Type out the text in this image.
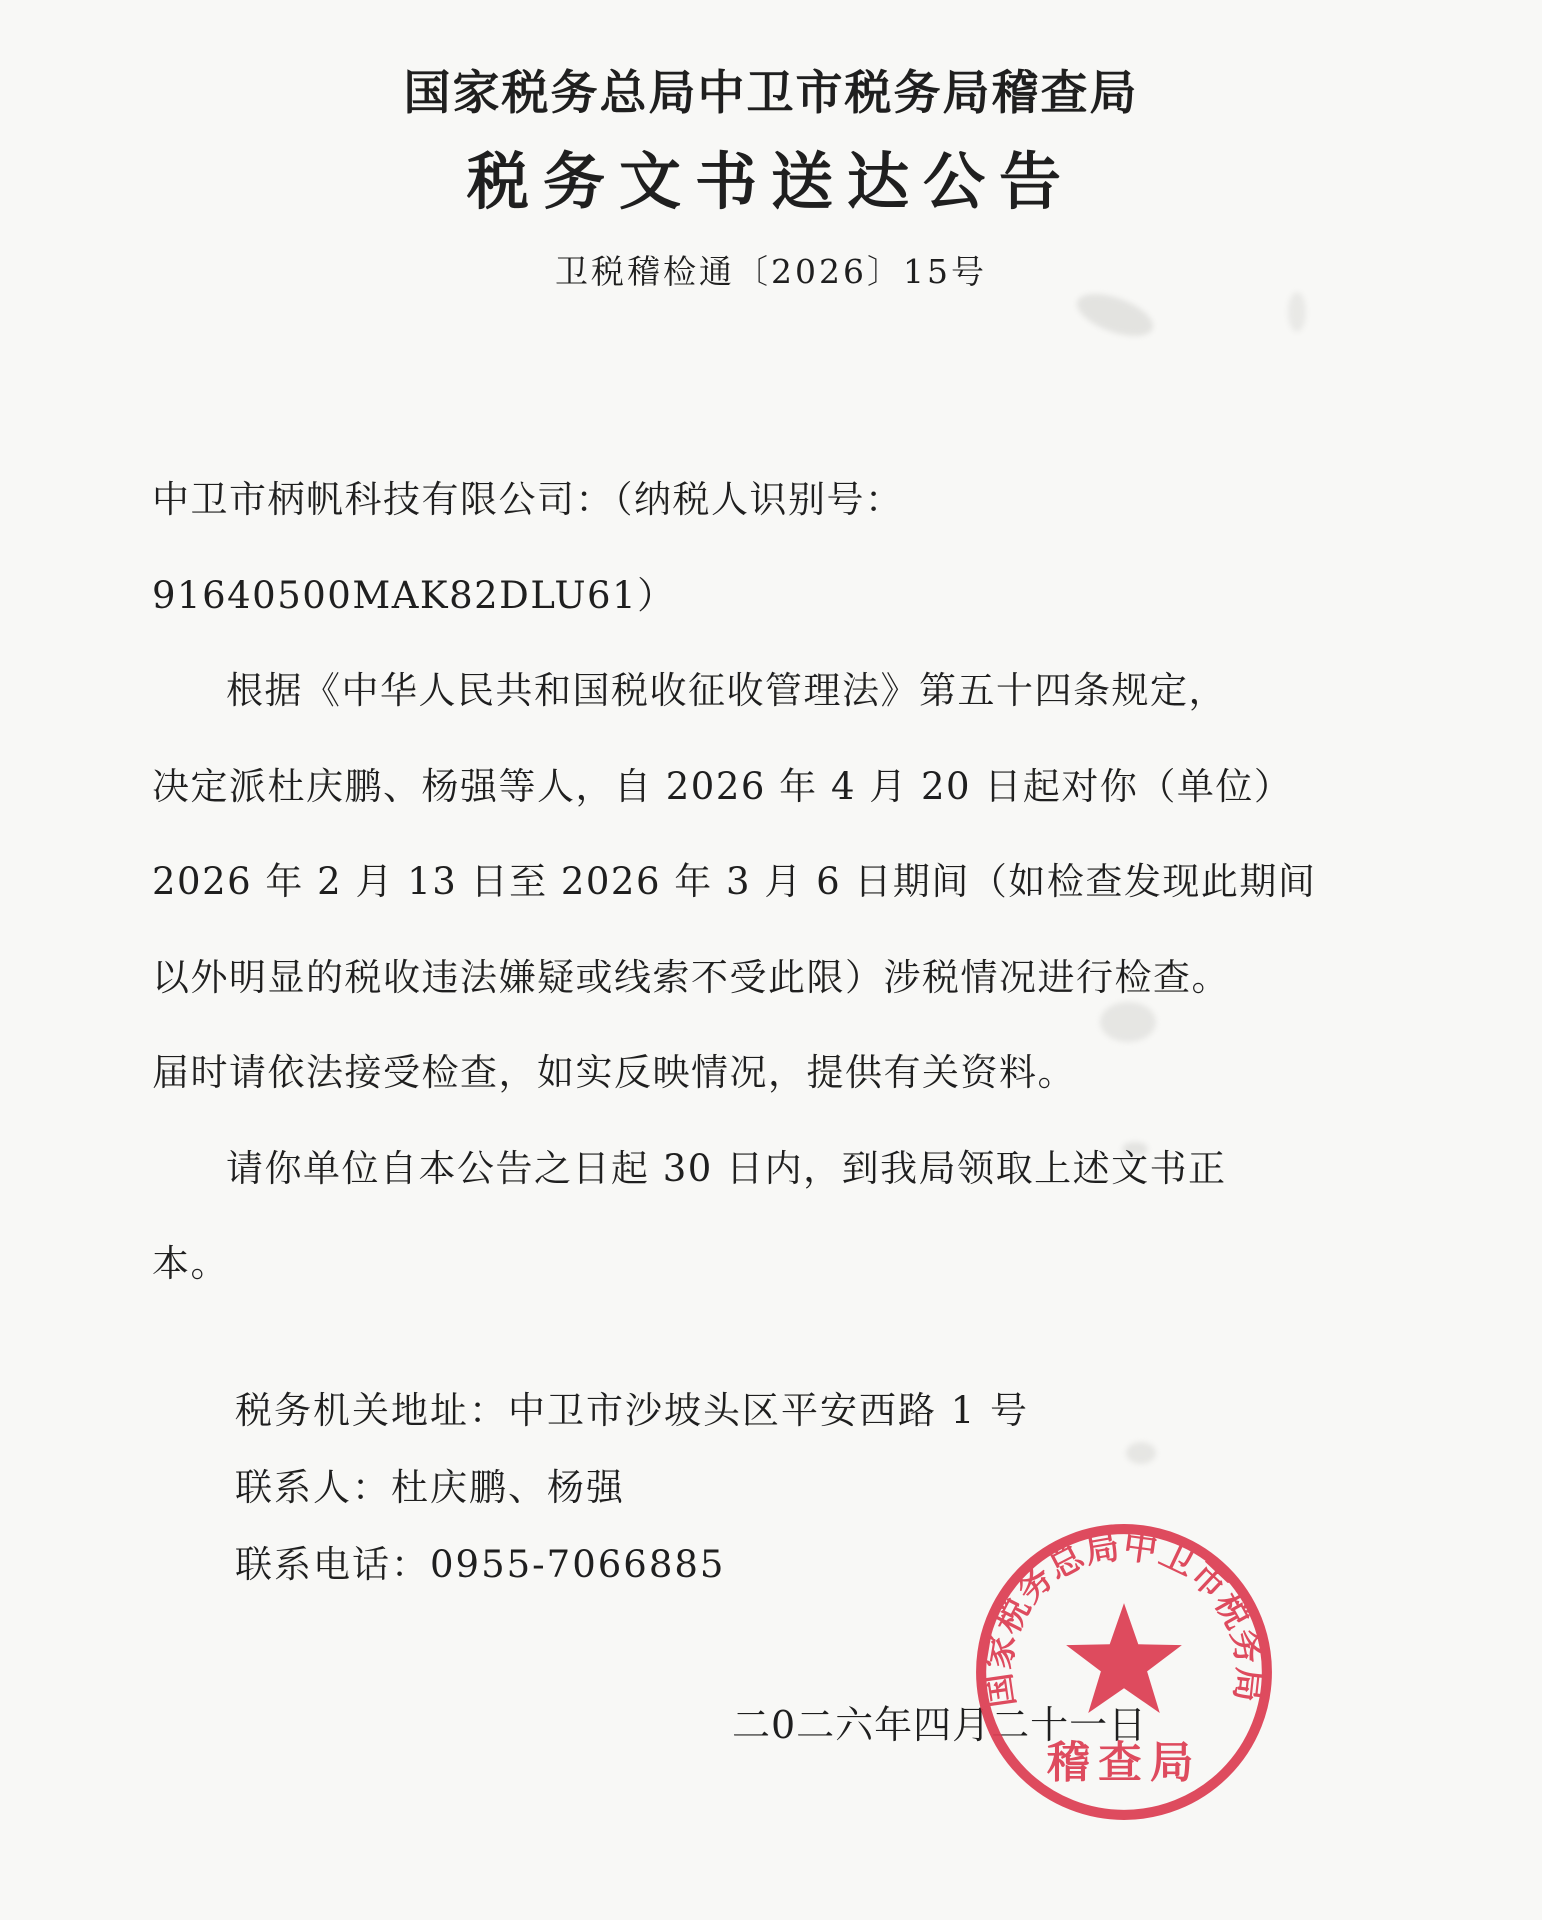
国家税务总局中卫市税务局稽查局
税务文书送达公告
卫税稽检通〔2026〕15号
中卫市柄帆科技有限公司：（纳税人识别号：
91640500MAK82DLU61）
根据《中华人民共和国税收征收管理法》第五十四条规定，
决定派杜庆鹏、杨强等人，自 2026 年 4 月 20 日起对你（单位）
2026 年 2 月 13 日至 2026 年 3 月 6 日期间（如检查发现此期间
以外明显的税收违法嫌疑或线索不受此限）涉税情况进行检查。
届时请依法接受检查，如实反映情况，提供有关资料。
请你单位自本公告之日起 30 日内，到我局领取上述文书正
本。
税务机关地址：中卫市沙坡头区平安西路 1 号
联系人：杜庆鹏、杨强
联系电话：0955-7066885
二0二六年四月二十一日
国家税务总局中卫市税务局
稽查局
